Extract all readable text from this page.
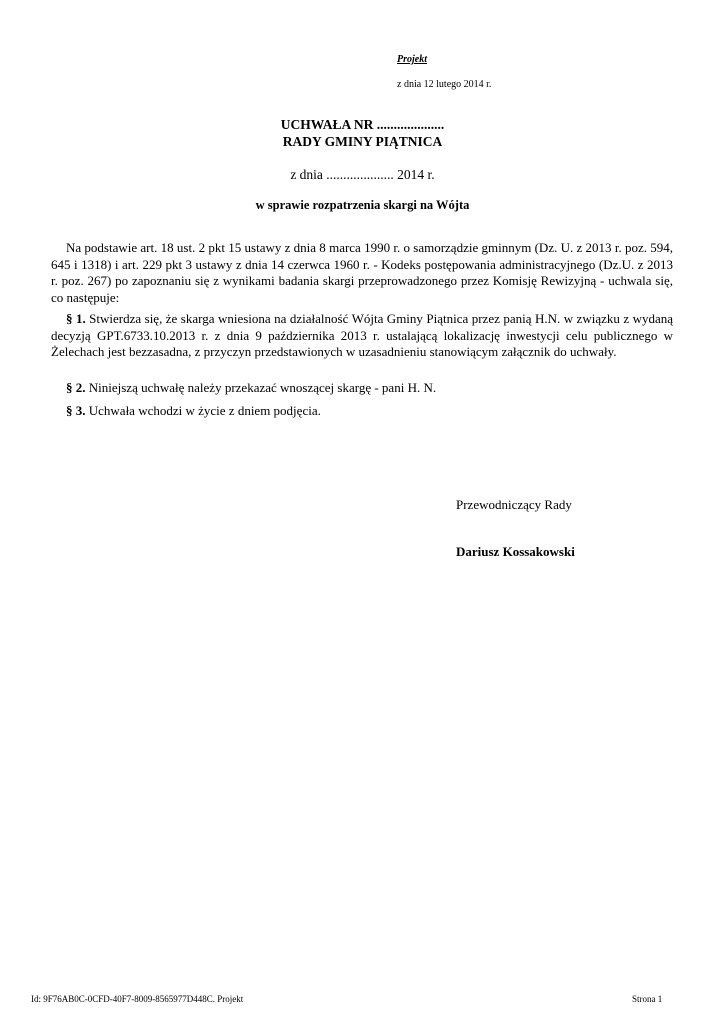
Projekt
z dnia 12 lutego 2014 r.
UCHWAŁA NR ....................
RADY GMINY PIĄTNICA
z dnia .................... 2014 r.
w sprawie rozpatrzenia skargi na Wójta
Na podstawie art. 18 ust. 2 pkt 15 ustawy z dnia 8 marca 1990 r. o samorządzie gminnym (Dz. U. z 2013 r. poz. 594, 645 i 1318) i art. 229 pkt 3 ustawy z dnia 14 czerwca 1960 r. - Kodeks postępowania administracyjnego (Dz.U. z 2013 r. poz. 267) po zapoznaniu się z wynikami badania skargi przeprowadzonego przez Komisję Rewizyjną - uchwala się, co następuje:
§ 1. Stwierdza się, że skarga wniesiona na działalność Wójta Gminy Piątnica przez panią H.N. w związku z wydaną decyzją GPT.6733.10.2013 r. z dnia 9 października 2013 r. ustalającą lokalizację inwestycji celu publicznego w Żelechach jest bezzasadna, z przyczyn przedstawionych w uzasadnieniu stanowiącym załącznik do uchwały.
§ 2. Niniejszą uchwałę należy przekazać wnoszącej skargę - pani H. N.
§ 3. Uchwała wchodzi w życie z dniem podjęcia.
Przewodniczący Rady
Dariusz Kossakowski
Id: 9F76AB0C-0CFD-40F7-8009-8565977D448C. Projekt	Strona 1
